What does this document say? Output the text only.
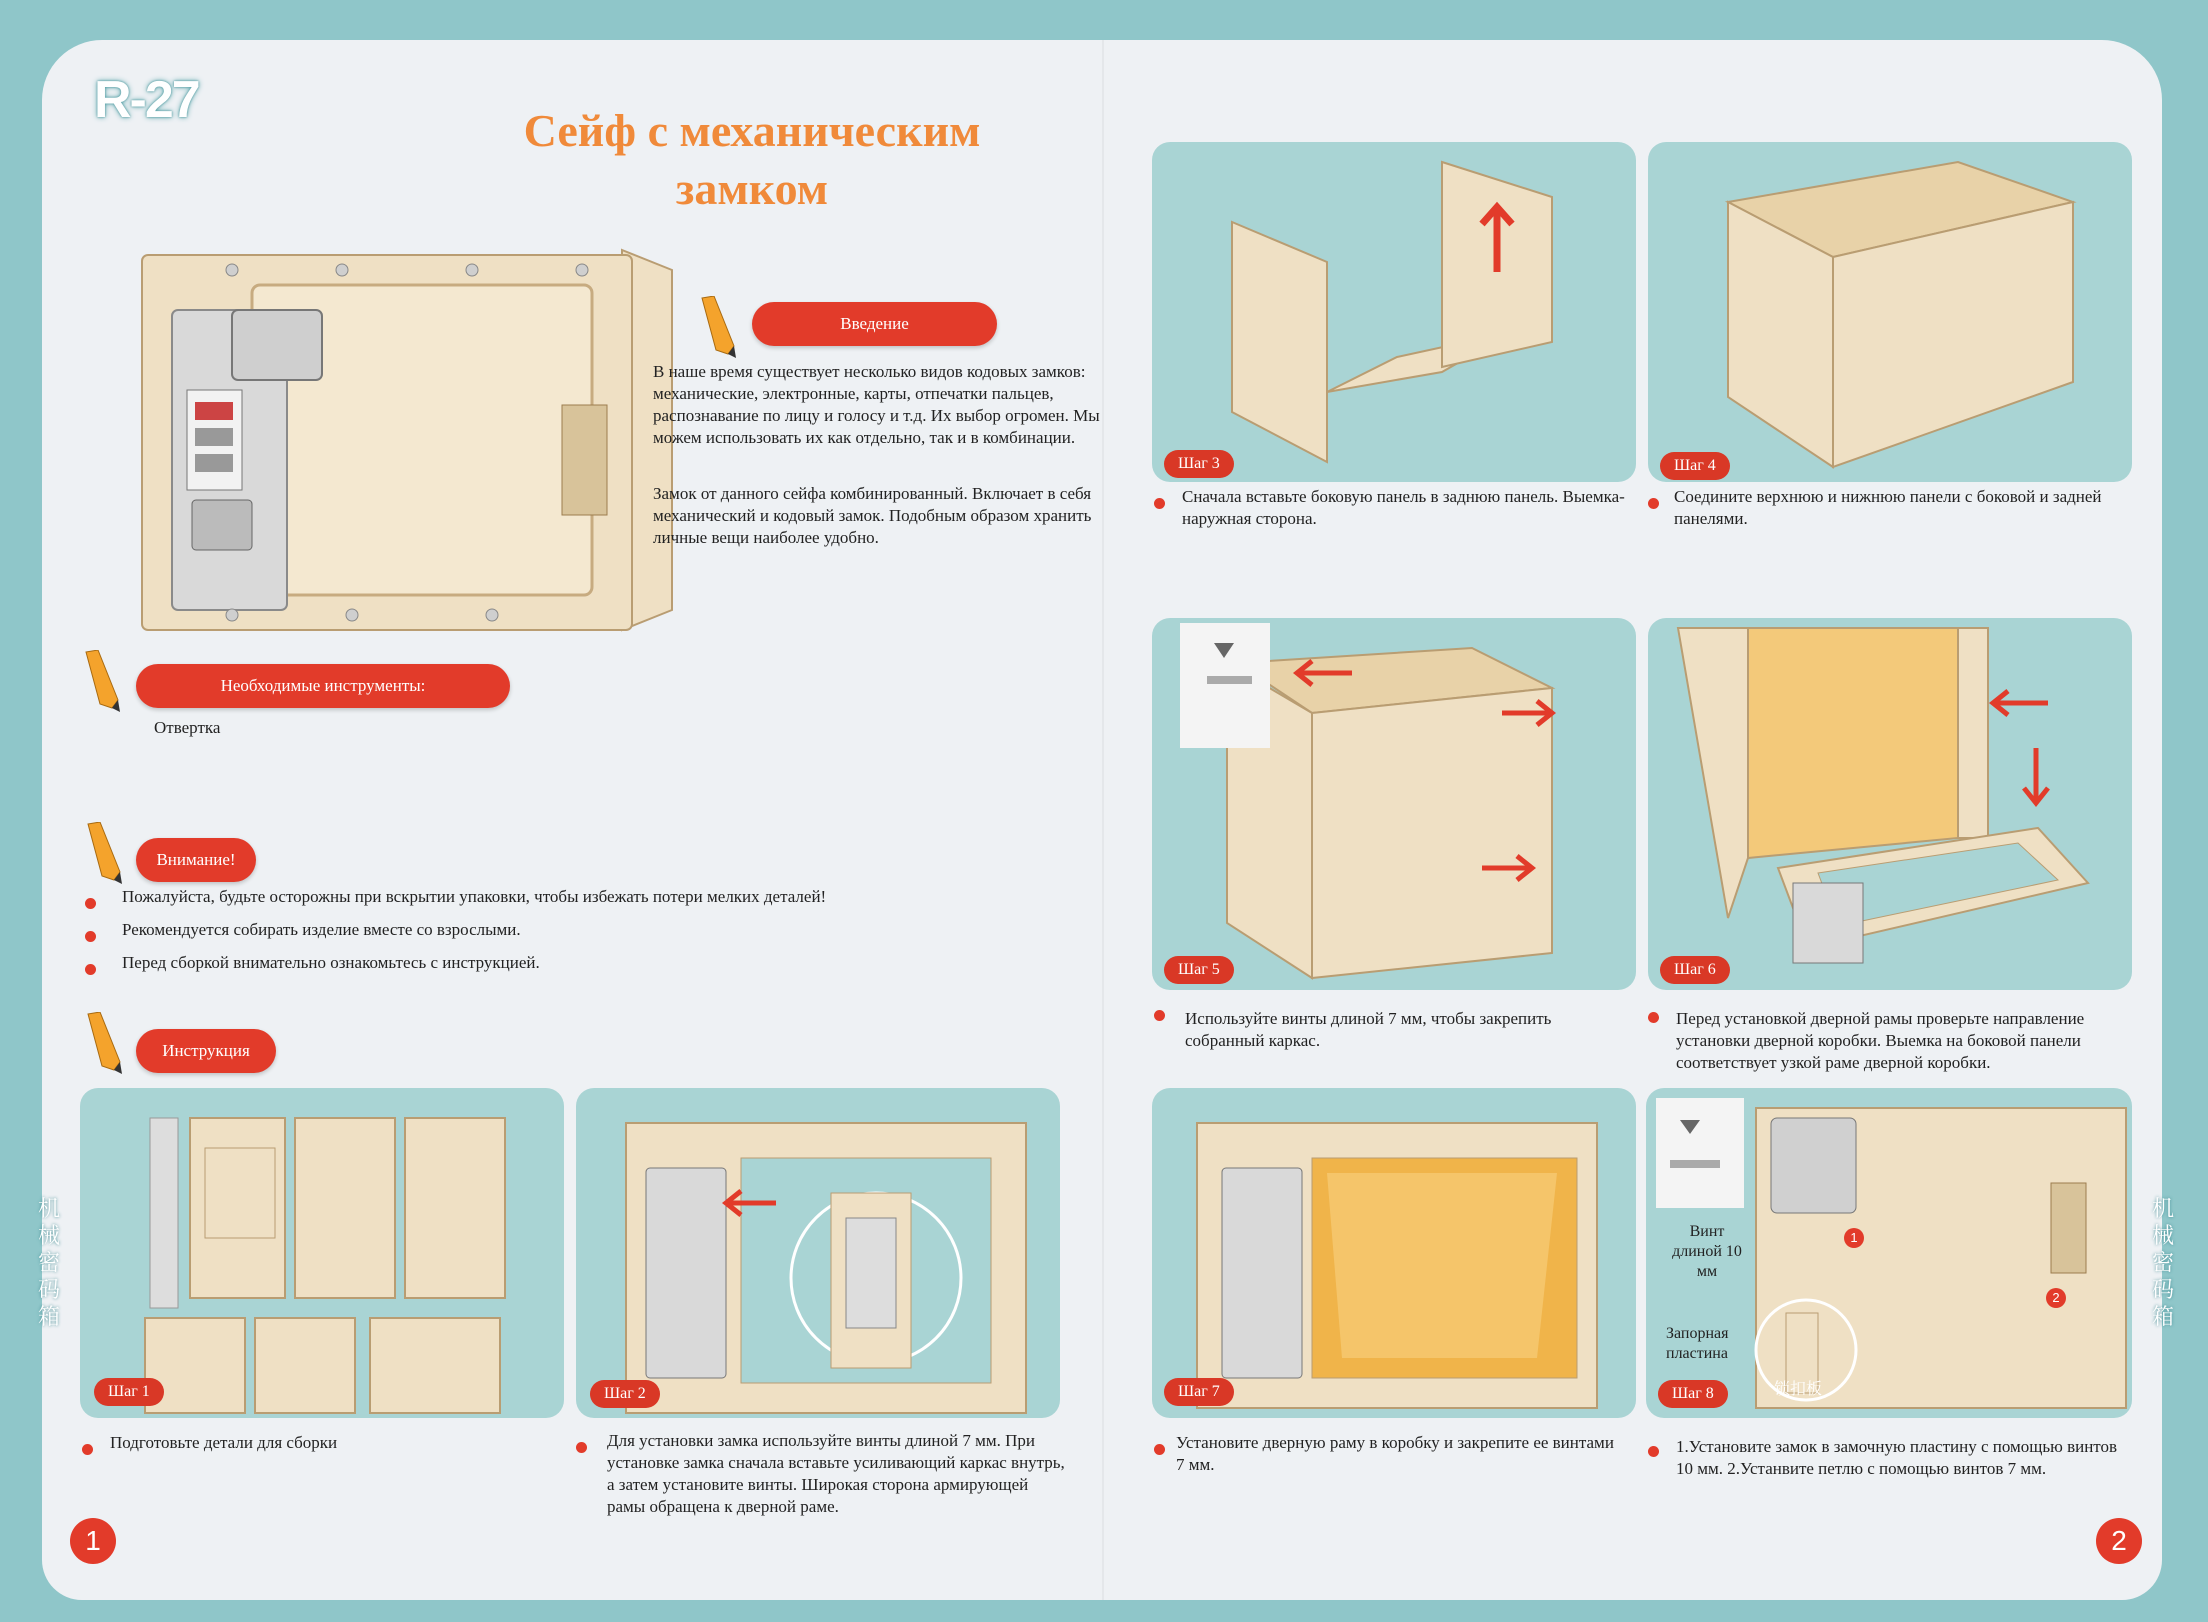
R-27
Сейф с механическим замком
Введение
В наше время существует несколько видов кодовых замков: механические, электронные, карты, отпечатки пальцев, распознавание по лицу и голосу и т.д. Их выбор огромен. Мы можем использовать их как отдельно, так и в комбинации.
Замок от данного сейфа комбинированный. Включает в себя механический и кодовый замок. Подобным образом хранить личные вещи наиболее удобно.
Необходимые инструменты:
Отвертка
Внимание!
Пожалуйста, будьте осторожны при вскрытии упаковки, чтобы избежать потери мелких деталей!
Рекомендуется собирать изделие вместе со взрослыми.
Перед сборкой внимательно ознакомьтесь с инструкцией.
Инструкция
Шаг 1	Шаг 2
Подготовьте детали для сборки	Для установки замка используйте винты длиной 7 мм. При установке замка сначала вставьте усиливающий каркас внутрь, а затем установите винты. Широкая сторона армирующей рамы обращена к дверной раме.
1
Шаг 3	Шаг 4
Сначала вставьте боковую панель в заднюю панель. Выемка-наружная сторона.
Соедините верхнюю и нижнюю панели с боковой и задней панелями.
Шаг 5	Шаг 6
Используйте винты длиной 7 мм, чтобы закрепить собранный каркас.
Перед установкой дверной рамы проверьте направление установки дверной коробки. Выемка на боковой панели соответствует узкой раме дверной коробки.
Шаг 7
Винт длиной 10 мм
Запорная пластина
锁扣板
1
2
Шаг 8
Установите дверную раму в коробку и закрепите ее винтами 7 мм.
1.Установите замок в замочную пластину с помощью винтов 10 мм. 2.Устанвите петлю с помощью винтов 7 мм.
2
机械密码箱
机械密码箱
